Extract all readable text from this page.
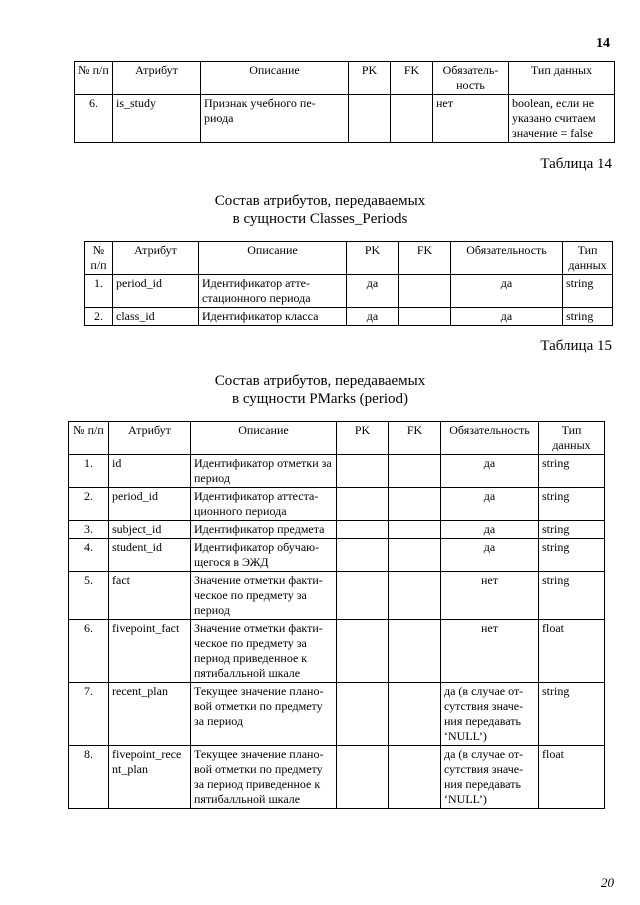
14
№ п/п	Атрибут	Описание	PK	FK	Обязатель-ность	Тип данных
6.	is_study	Признак учебного пе-риода			нет	boolean, если не указано считаем значение = false
Таблица 14
Состав атрибутов, передаваемых
в сущности Classes_Periods
№ п/п	Атрибут	Описание	PK	FK	Обязательность	Тип данных
1.	period_id	Идентификатор атте-стационного периода	да		да	string
2.	class_id	Идентификатор класса	да		да	string
Таблица 15
Состав атрибутов, передаваемых
в сущности PMarks (period)
№ п/п	Атрибут	Описание	PK	FK	Обязательность	Тип данных
1.	id	Идентификатор отметки за период			да	string
2.	period_id	Идентификатор аттеста-ционного периода			да	string
3.	subject_id	Идентификатор предмета			да	string
4.	student_id	Идентификатор обучаю-щегося в ЭЖД			да	string
5.	fact	Значение отметки факти-ческое по предмету за период			нет	string
6.	fivepoint_fact	Значение отметки факти-ческое по предмету за период приведенное к пятибалльной шкале			нет	float
7.	recent_plan	Текущее значение плано-вой отметки по предмету за период			да (в случае от-сутствия значе-ния передавать ‘NULL’)	string
8.	fivepoint_recent_plan	Текущее значение плано-вой отметки по предмету за период приведенное к пятибалльной шкале			да (в случае от-сутствия значе-ния передавать ‘NULL’)	float
20
